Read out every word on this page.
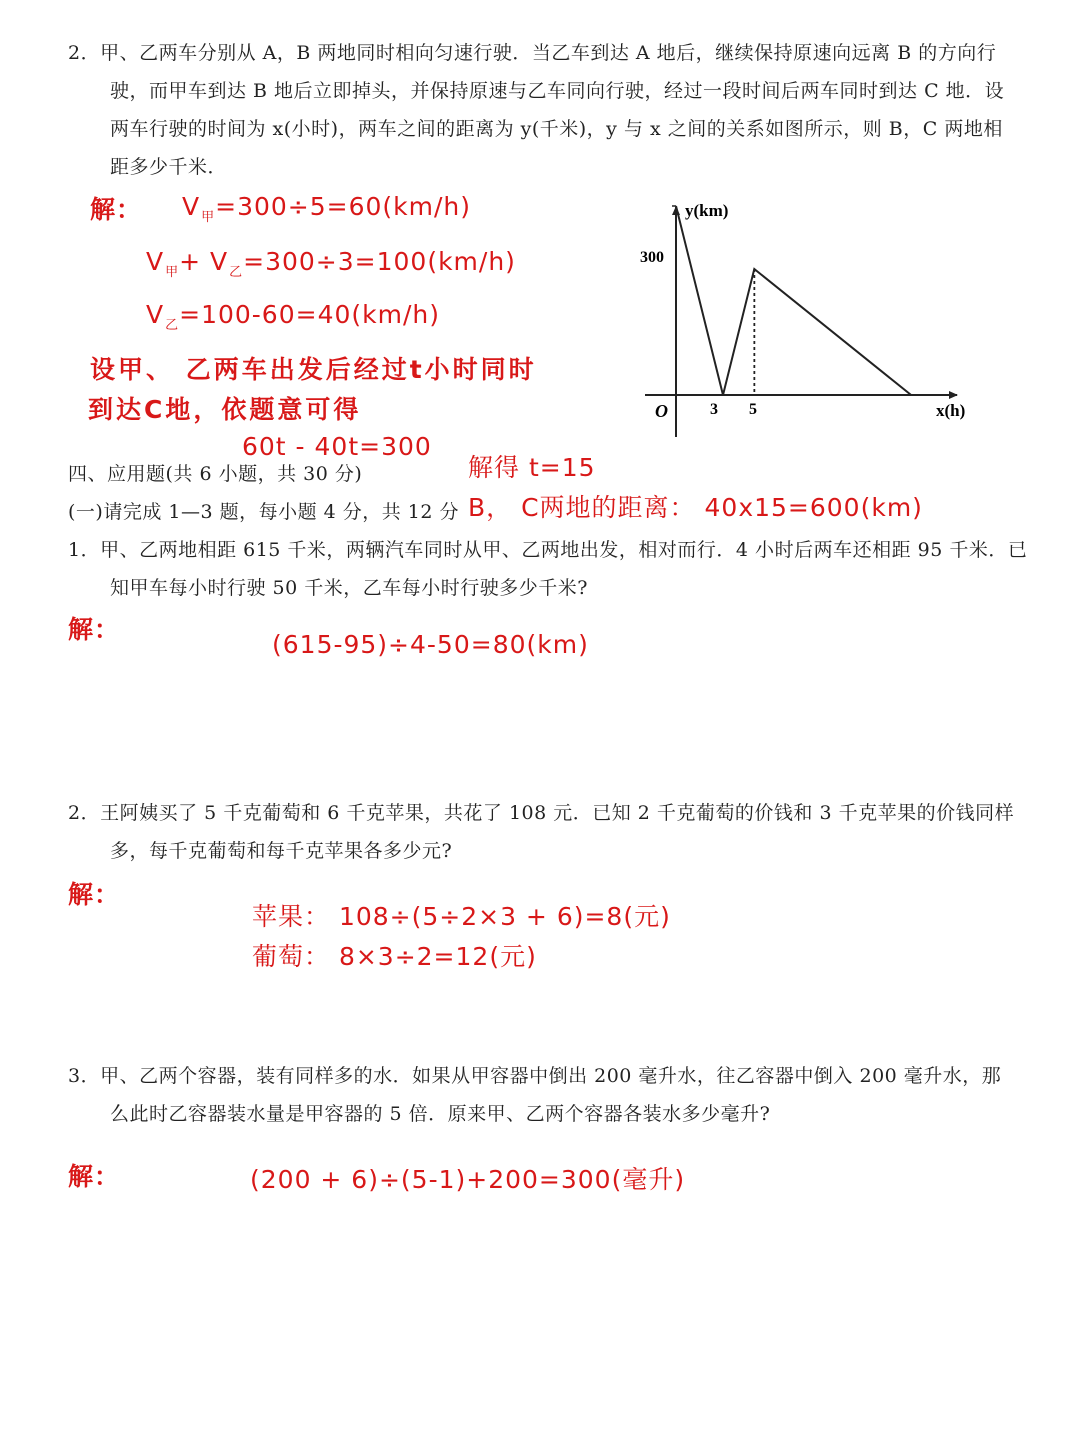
2．甲、乙两车分别从 A，B 两地同时相向匀速行驶．当乙车到达 A 地后，继续保持原速向远离 B 的方向行
驶，而甲车到达 B 地后立即掉头，并保持原速与乙车同向行驶，经过一段时间后两车同时到达 C 地．设
两车行驶的时间为 x(小时)，两车之间的距离为 y(千米)，y 与 x 之间的关系如图所示，则 B，C 两地相
距多少千米．
解： $V_甲=300\div 5=60(km/h)$
$V_甲+ V_乙=300\div 3=100(km/h)$
$V_乙=100-60=40(km/h)$
设甲、 乙两车出发后经过t小时同时
到达C地，依题意可得
60t - 40t=300
解得 t=15
B， C两地的距离： 40x15=600(km)
y(km)
x(h)
O
300
3 5
四、应用题(共 6 小题，共 30 分)
(一)请完成 1—3 题，每小题 4 分，共 12 分
1．甲、乙两地相距 615 千米，两辆汽车同时从甲、乙两地出发，相对而行．4 小时后两车还相距 95 千米．已
知甲车每小时行驶 50 千米，乙车每小时行驶多少千米?
解：
(615-95)÷4-50=80(km)
2．王阿姨买了 5 千克葡萄和 6 千克苹果，共花了 108 元．已知 2 千克葡萄的价钱和 3 千克苹果的价钱同样
多，每千克葡萄和每千克苹果各多少元?
解：
苹果： 108÷(5÷2×3 + 6)=8(元)
葡萄： 8×3÷2=12(元)
3．甲、乙两个容器，装有同样多的水．如果从甲容器中倒出 200 毫升水，往乙容器中倒入 200 毫升水，那
么此时乙容器装水量是甲容器的 5 倍．原来甲、乙两个容器各装水多少毫升?
解：	(200 + 6)÷(5-1)+200=300(毫升)
